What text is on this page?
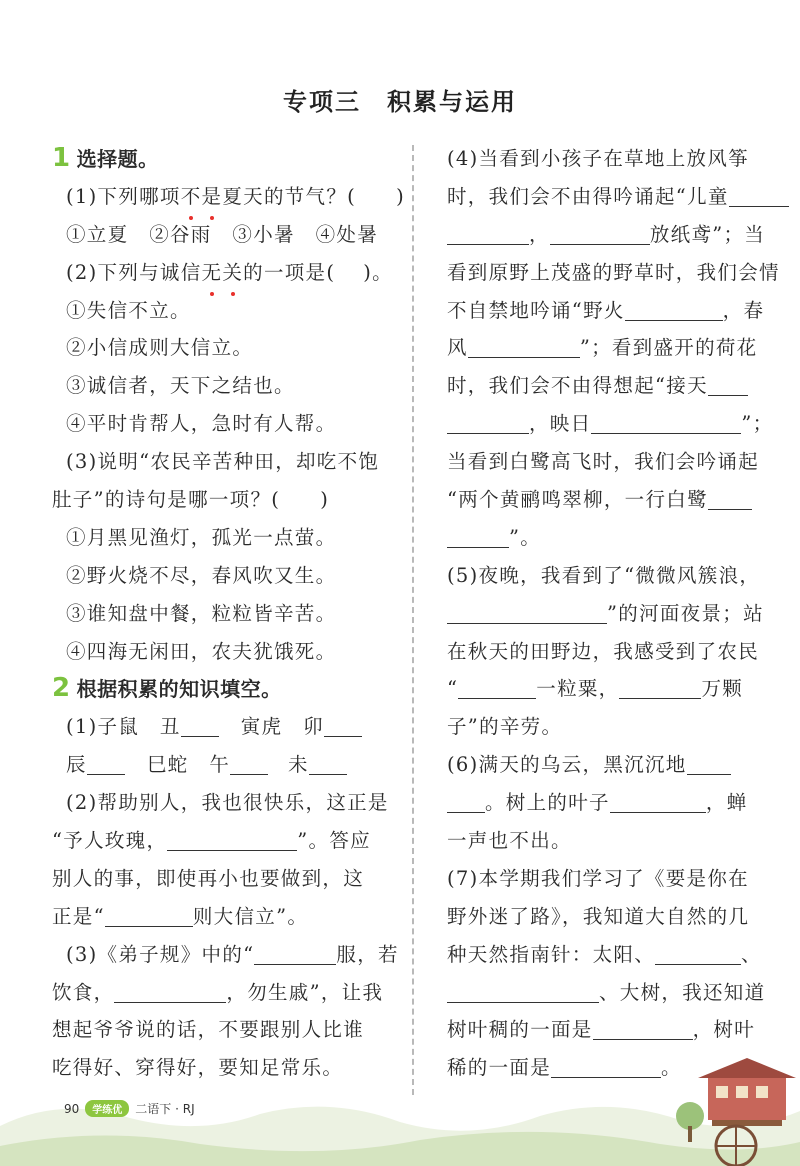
专项三 积累与运用
1 选择题。
(1)下列哪项不是夏天的节气？( )
①立夏　②谷雨　③小暑　④处暑
(2)下列与诚信无关的一项是( )。
①失信不立。
②小信成则大信立。
③诚信者，天下之结也。
④平时肯帮人，急时有人帮。
(3)说明“农民辛苦种田，却吃不饱
肚子”的诗句是哪一项？( )
①月黑见渔灯，孤光一点萤。
②野火烧不尽，春风吹又生。
③谁知盘中餐，粒粒皆辛苦。
④四海无闲田，农夫犹饿死。
2 根据积累的知识填空。
(1)子鼠　丑	寅虎　卯
辰	巳蛇　午	未
(2)帮助别人，我也很快乐，这正是
“予人玫瑰，	”。答应
别人的事，即使再小也要做到，这
正是“	则大信立”。
(3)《弟子规》中的“	服，若
饮食，	，勿生戚”，让我
想起爷爷说的话，不要跟别人比谁
吃得好、穿得好，要知足常乐。
(4)当看到小孩子在草地上放风筝
时，我们会不由得吟诵起“儿童
，	放纸鸢”；当
看到原野上茂盛的野草时，我们会情
不自禁地吟诵“野火	，春
风	”；看到盛开的荷花
时，我们会不由得想起“接天
，映日	”；
当看到白鹭高飞时，我们会吟诵起
“两个黄鹂鸣翠柳，一行白鹭
”。
(5)夜晚，我看到了“微微风簇浪，
”的河面夜景；站
在秋天的田野边，我感受到了农民
“	一粒粟，	万颗
子”的辛劳。
(6)满天的乌云，黑沉沉地
。树上的叶子	，蝉
一声也不出。
(7)本学期我们学习了《要是你在
野外迷了路》，我知道大自然的几
种天然指南针：太阳、	、
、大树，我还知道
树叶稠的一面是	，树叶
稀的一面是	。
90	学练优	二语下 · RJ
